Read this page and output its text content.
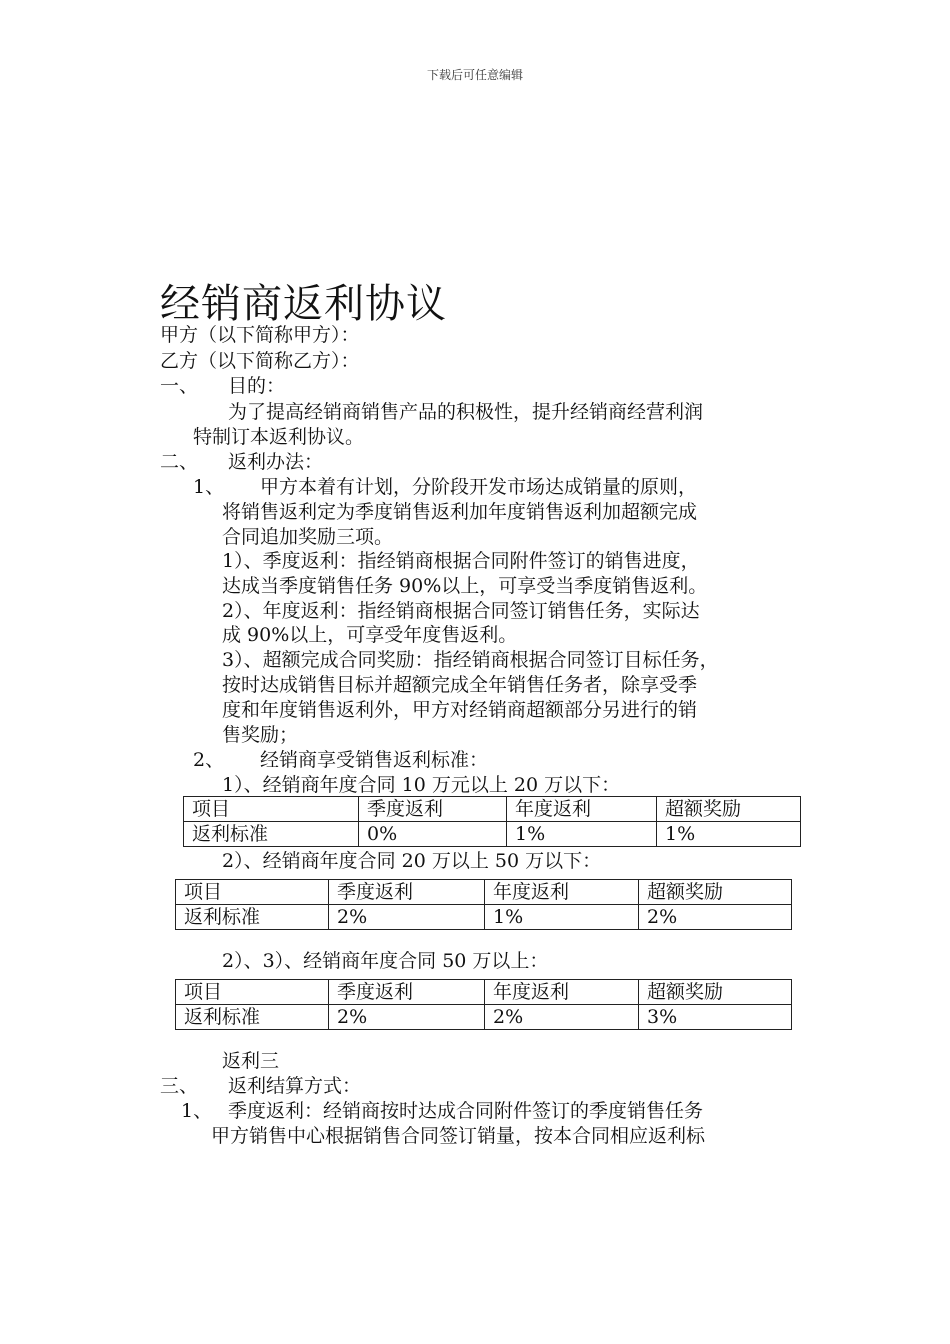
下载后可任意编辑
经销商返利协议
甲方（以下简称甲方）：
乙方（以下简称乙方）：
一、 目的：
为了提高经销商销售产品的积极性，提升经销商经营利润
特制订本返利协议。
二、 返利办法：
1、 甲方本着有计划，分阶段开发市场达成销量的原则，
将销售返利定为季度销售返利加年度销售返利加超额完成
合同追加奖励三项。
1）、季度返利：指经销商根据合同附件签订的销售进度，
达成当季度销售任务 90%以上，可享受当季度销售返利。
2）、年度返利：指经销商根据合同签订销售任务，实际达
成 90%以上，可享受年度售返利。
3）、超额完成合同奖励：指经销商根据合同签订目标任务，
按时达成销售目标并超额完成全年销售任务者，除享受季
度和年度销售返利外，甲方对经销商超额部分另进行的销
售奖励；
2、 经销商享受销售返利标准：
1）、经销商年度合同 10 万元以上 20 万以下：
项目	季度返利	年度返利	超额奖励
返利标准	0%	1%	1%
2）、经销商年度合同 20 万以上 50 万以下：
项目	季度返利	年度返利	超额奖励
返利标准	2%	1%	2%
2）、3）、经销商年度合同 50 万以上：
项目	季度返利	年度返利	超额奖励
返利标准	2%	2%	3%
返利三
三、 返利结算方式：
1、 季度返利：经销商按时达成合同附件签订的季度销售任务
甲方销售中心根据销售合同签订销量，按本合同相应返利标
